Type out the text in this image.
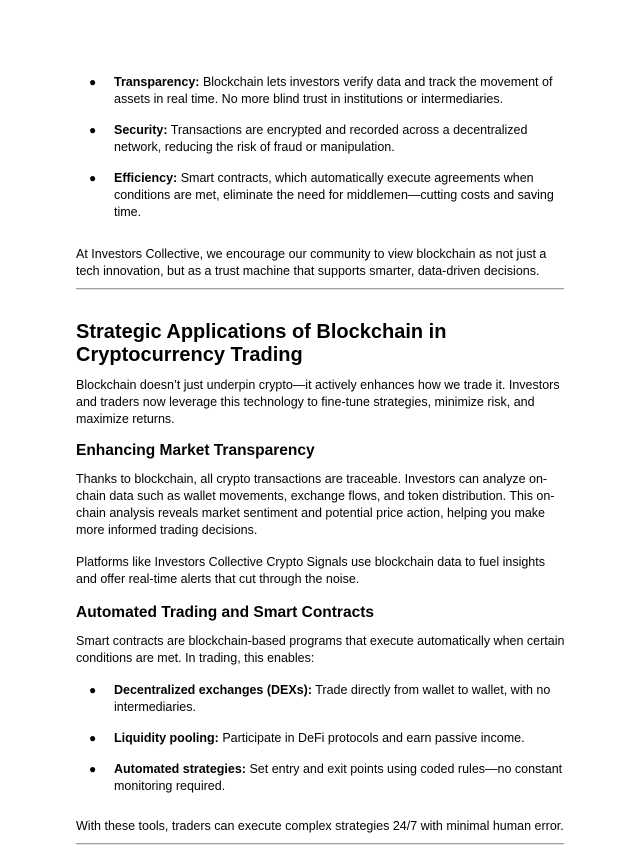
● Transparency: Blockchain lets investors verify data and track the movement of assets in real time. No more blind trust in institutions or intermediaries.
● Security: Transactions are encrypted and recorded across a decentralized network, reducing the risk of fraud or manipulation.
● Efficiency: Smart contracts, which automatically execute agreements when conditions are met, eliminate the need for middlemen—cutting costs and saving time.

At Investors Collective, we encourage our community to view blockchain as not just a tech innovation, but as a trust machine that supports smarter, data-driven decisions.

Strategic Applications of Blockchain in Cryptocurrency Trading

Blockchain doesn’t just underpin crypto—it actively enhances how we trade it. Investors and traders now leverage this technology to fine-tune strategies, minimize risk, and maximize returns.

Enhancing Market Transparency

Thanks to blockchain, all crypto transactions are traceable. Investors can analyze on-chain data such as wallet movements, exchange flows, and token distribution. This on-chain analysis reveals market sentiment and potential price action, helping you make more informed trading decisions.

Platforms like Investors Collective Crypto Signals use blockchain data to fuel insights and offer real-time alerts that cut through the noise.

Automated Trading and Smart Contracts

Smart contracts are blockchain-based programs that execute automatically when certain conditions are met. In trading, this enables:

● Decentralized exchanges (DEXs): Trade directly from wallet to wallet, with no intermediaries.
● Liquidity pooling: Participate in DeFi protocols and earn passive income.
● Automated strategies: Set entry and exit points using coded rules—no constant monitoring required.

With these tools, traders can execute complex strategies 24/7 with minimal human error.
